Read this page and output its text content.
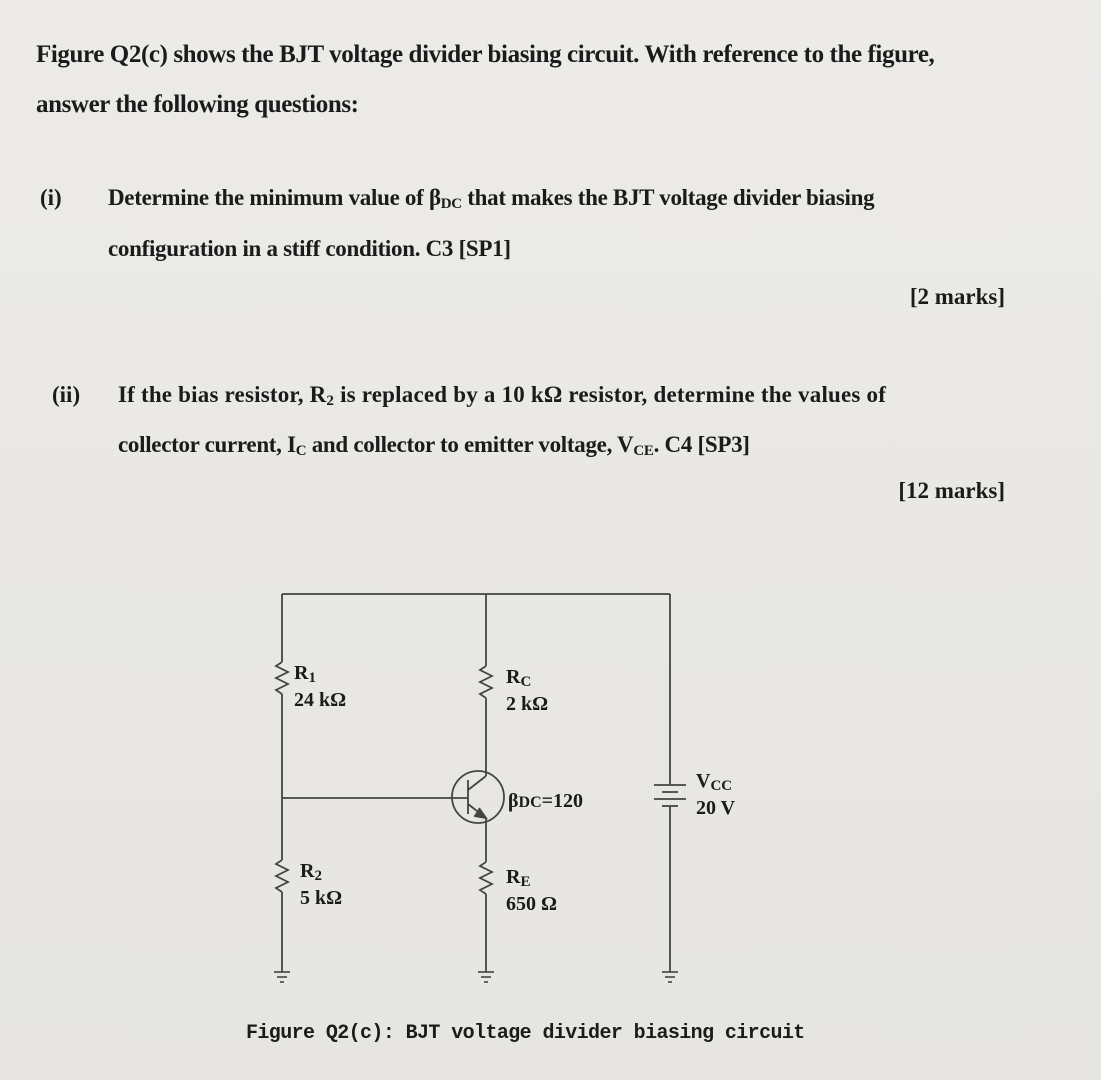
Figure Q2(c) shows the BJT voltage divider biasing circuit. With reference to the figure,

answer the following questions:

(i) Determine the minimum value of $\beta_{DC}$ that makes the BJT voltage divider biasing
configuration in a stiff condition. C3 [SP1]
[2 marks]
(ii) If the bias resistor, $R_2$ is replaced by a 10 kΩ resistor, determine the values of
collector current, $I_C$ and collector to emitter voltage, $V_{CE}$. C4 [SP3]
[12 marks]
$R_1$
24 kΩ
$R_C$
2 kΩ
βDC=120
$V_{CC}$
20 V
$R_2$
5 kΩ
$R_E$
650 Ω
Figure Q2(c): BJT voltage divider biasing circuit
